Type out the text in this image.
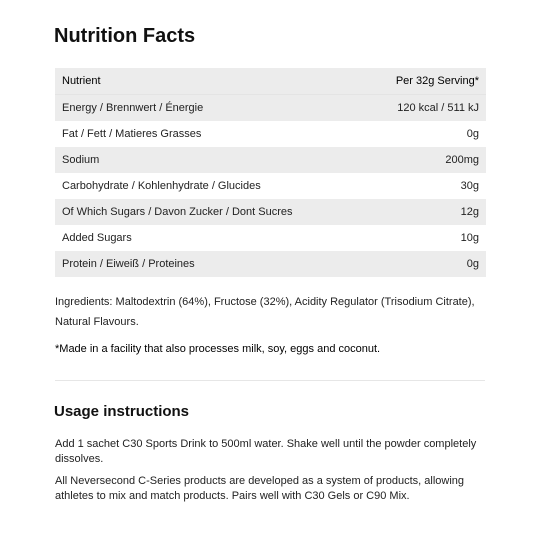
Nutrition Facts
Nutrient	Per 32g Serving*
Energy / Brennwert / Énergie	120 kcal / 511 kJ
Fat / Fett / Matieres Grasses	0g
Sodium	200mg
Carbohydrate / Kohlenhydrate / Glucides	30g
Of Which Sugars / Davon Zucker / Dont Sucres	12g
Added Sugars	10g
Protein / Eiweiß / Proteines	0g

Ingredients: Maltodextrin (64%), Fructose (32%), Acidity Regulator (Trisodium Citrate), Natural Flavours.

*Made in a facility that also processes milk, soy, eggs and coconut.

Usage instructions

Add 1 sachet C30 Sports Drink to 500ml water. Shake well until the powder completely dissolves.

All Neversecond C-Series products are developed as a system of products, allowing athletes to mix and match products. Pairs well with C30 Gels or C90 Mix.
